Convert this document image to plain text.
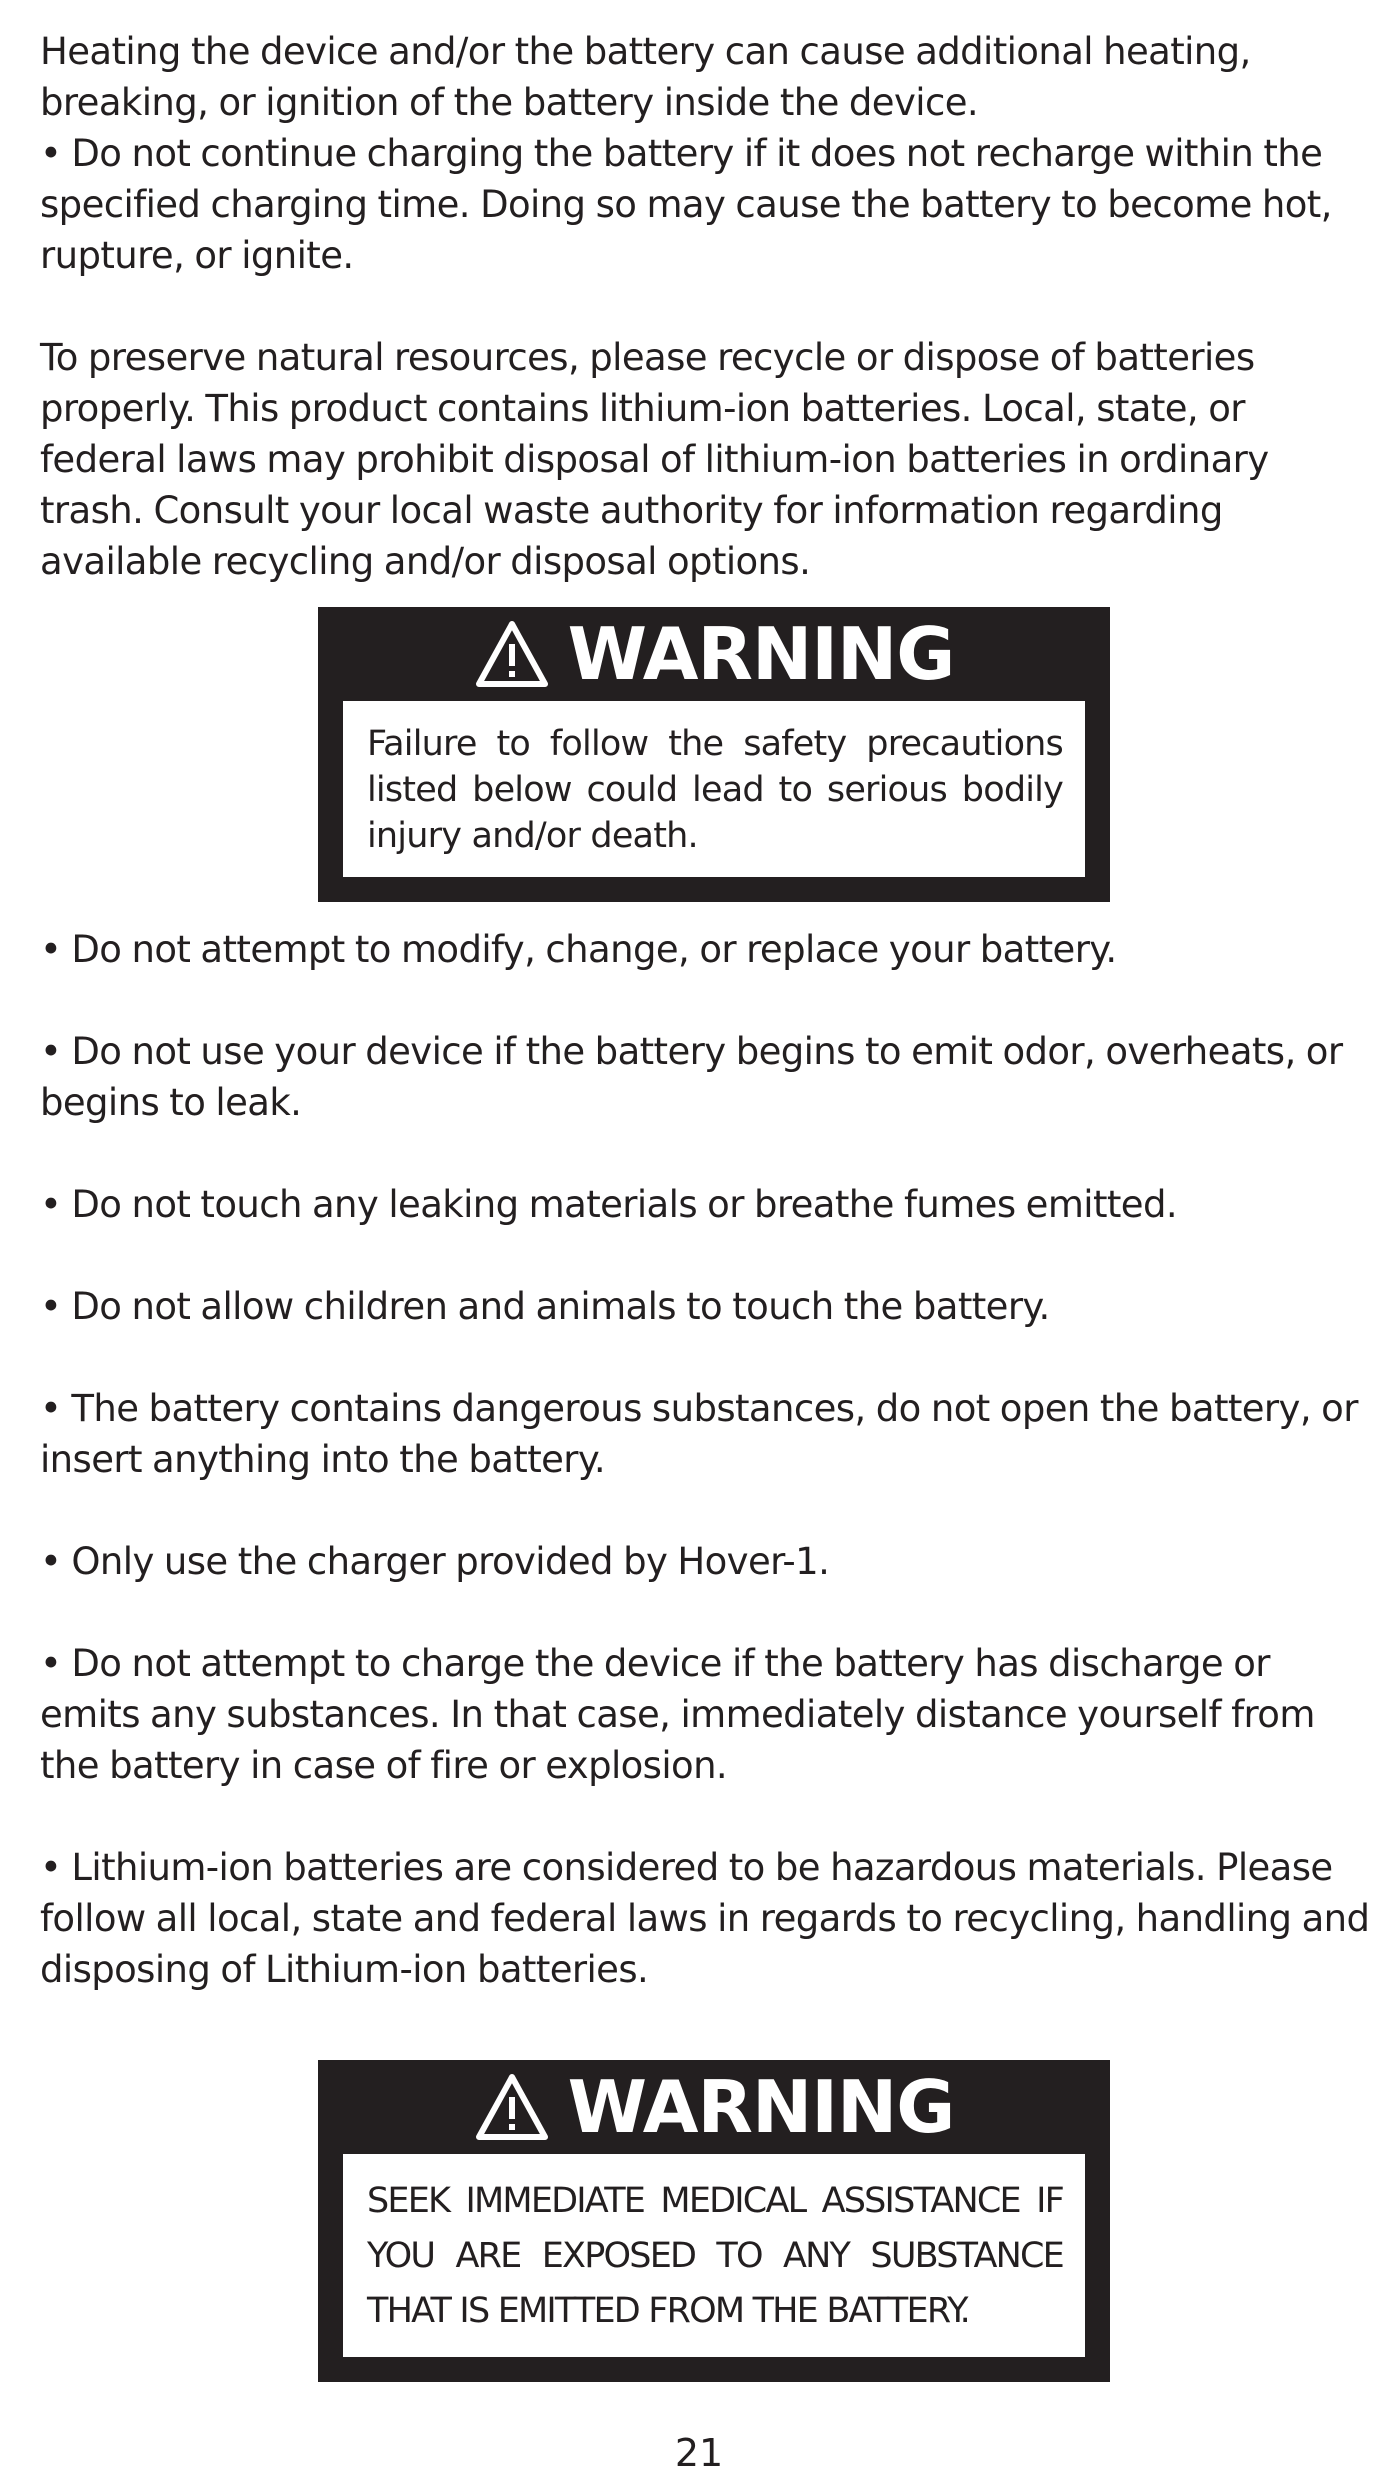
Heating the device and/or the battery can cause additional heating, breaking, or ignition of the battery inside the device.

• Do not continue charging the battery if it does not recharge within the specified charging time. Doing so may cause the battery to become hot, rupture, or ignite.

To preserve natural resources, please recycle or dispose of batteries properly. This product contains lithium-ion batteries. Local, state, or federal laws may prohibit disposal of lithium-ion batteries in ordinary trash. Consult your local waste authority for information regarding available recycling and/or disposal options.

WARNING
Failure to follow the safety precautions listed below could lead to serious bodily injury and/or death.

• Do not attempt to modify, change, or replace your battery.

• Do not use your device if the battery begins to emit odor, overheats, or begins to leak.

• Do not touch any leaking materials or breathe fumes emitted.

• Do not allow children and animals to touch the battery.

• The battery contains dangerous substances, do not open the battery, or insert anything into the battery.

• Only use the charger provided by Hover-1.

• Do not attempt to charge the device if the battery has discharge or emits any substances. In that case, immediately distance yourself from the battery in case of fire or explosion.

• Lithium-ion batteries are considered to be hazardous materials. Please follow all local, state and federal laws in regards to recycling, handling and disposing of Lithium-ion batteries.

WARNING
SEEK IMMEDIATE MEDICAL ASSISTANCE IF YOU ARE EXPOSED TO ANY SUBSTANCE THAT IS EMITTED FROM THE BATTERY.
21
